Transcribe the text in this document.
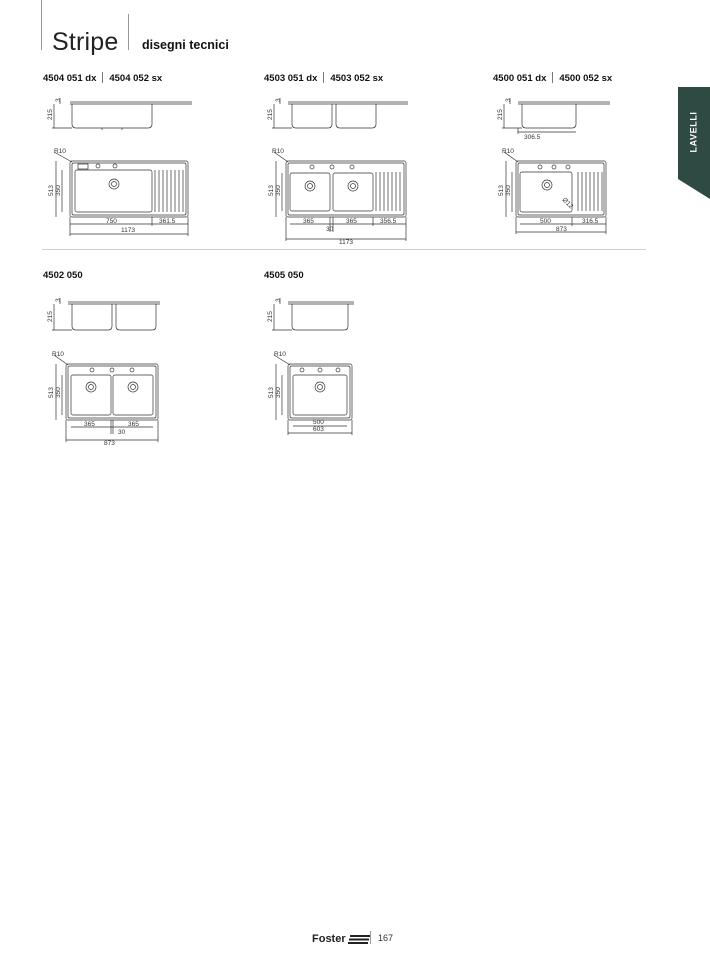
Stripe disegni tecnici
LAVELLI
4504 051 dx 4504 052 sx	4503 051 dx 4503 052 sx	4500 051 dx 4500 052 sx
215
3
R10
513 350
750	361.5
1173
215
3
R10
513 350
365	365	356.5
30
1173
215
3
306.5
R10
513 350
Ø12
500	316.5
873
4502 050	4505 050
215
3
R10
513 350
365	365
30
873
215
3
R10
513 350
500
603
Foster	167
